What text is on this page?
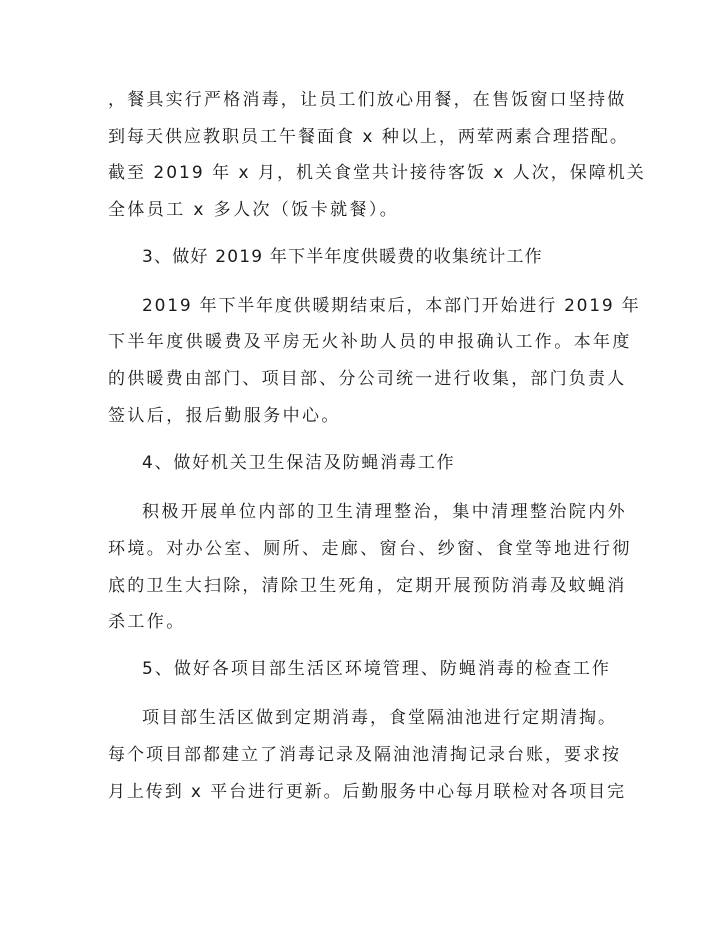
，餐具实行严格消毒，让员工们放心用餐，在售饭窗口坚持做
到每天供应教职员工午餐面食 x 种以上，两荤两素合理搭配。
截至 2019 年 x 月，机关食堂共计接待客饭 x 人次，保障机关
全体员工 x 多人次（饭卡就餐）。
3、做好 2019 年下半年度供暖费的收集统计工作
2019 年下半年度供暖期结束后，本部门开始进行 2019 年
下半年度供暖费及平房无火补助人员的申报确认工作。本年度
的供暖费由部门、项目部、分公司统一进行收集，部门负责人
签认后，报后勤服务中心。
4、做好机关卫生保洁及防蝇消毒工作
积极开展单位内部的卫生清理整治，集中清理整治院内外
环境。对办公室、厕所、走廊、窗台、纱窗、食堂等地进行彻
底的卫生大扫除，清除卫生死角，定期开展预防消毒及蚊蝇消
杀工作。
5、做好各项目部生活区环境管理、防蝇消毒的检查工作
项目部生活区做到定期消毒，食堂隔油池进行定期清掏。
每个项目部都建立了消毒记录及隔油池清掏记录台账，要求按
月上传到 x 平台进行更新。后勤服务中心每月联检对各项目完
